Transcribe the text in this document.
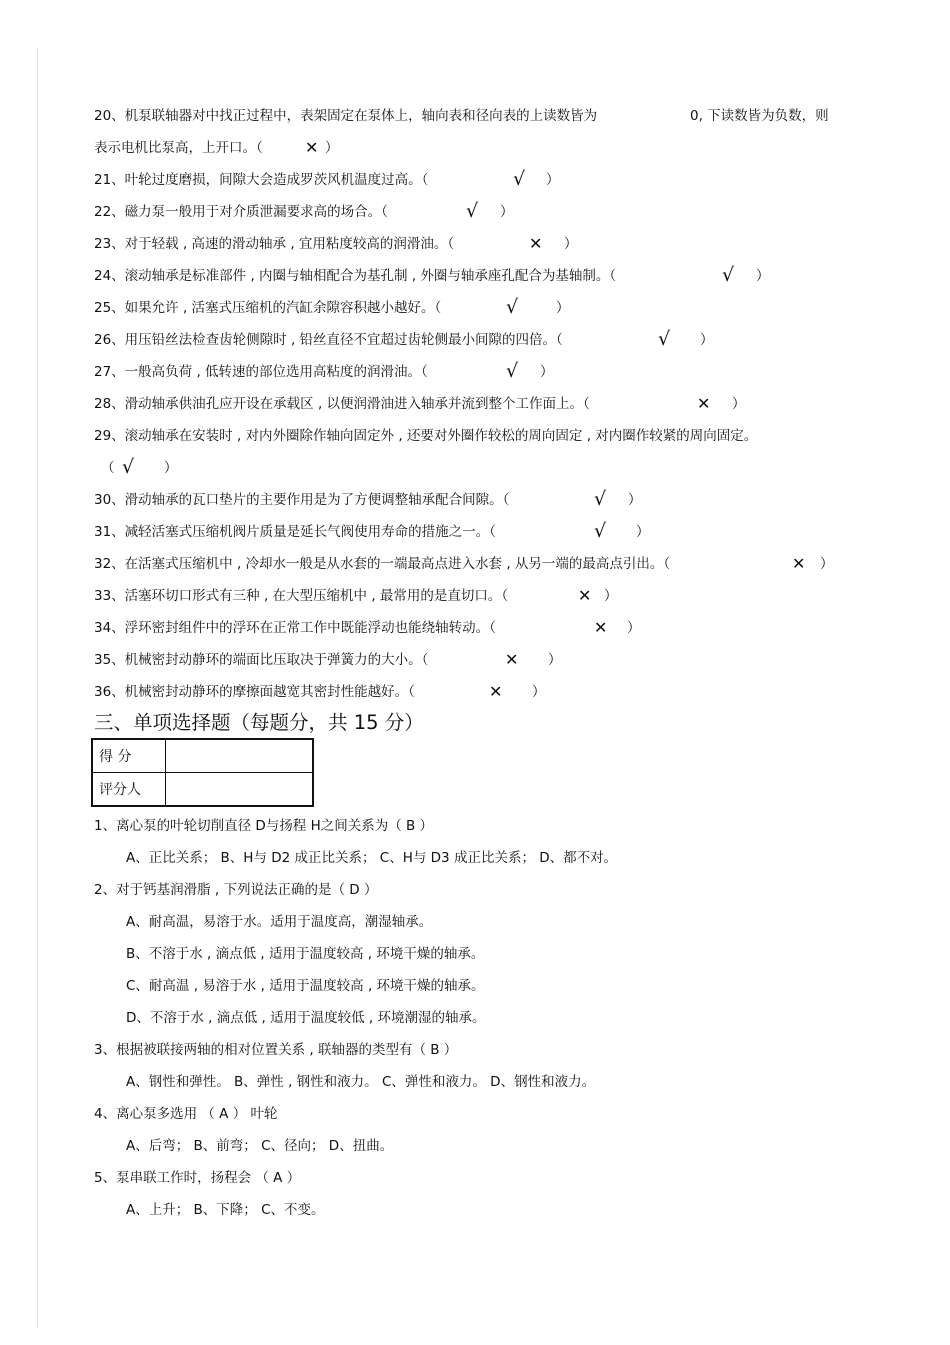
20、机泵联轴器对中找正过程中，表架固定在泵体上，轴向表和径向表的上读数皆为	0, 下读数皆为负数，则
表示电机比泵高，上开口。（	✕ ）
21、叶轮过度磨损，间隙大会造成罗茨风机温度过高。（	√ ）
22、磁力泵一般用于对介质泄漏要求高的场合。（	√ ）
23、对于轻载 , 高速的滑动轴承 , 宜用粘度较高的润滑油。（	✕ ）
24、滚动轴承是标准部件 , 内圈与轴相配合为基孔制 , 外圈与轴承座孔配合为基轴制。（	√ ）
25、如果允许 , 活塞式压缩机的汽缸余隙容积越小越好。（	√	）
26、用压铅丝法检查齿轮侧隙时 , 铅丝直径不宜超过齿轮侧最小间隙的四倍。（	√ ）
27、一般高负荷 , 低转速的部位选用高粘度的润滑油。（	√ ）
28、滑动轴承供油孔应开设在承载区 , 以便润滑油进入轴承并流到整个工作面上。（	✕ ）
29、滚动轴承在安装时 , 对内外圈除作轴向固定外 , 还要对外圈作较松的周向固定 , 对内圈作较紧的周向固定。
（ √ ）
30、滑动轴承的瓦口垫片的主要作用是为了方便调整轴承配合间隙。（	√ ）
31、减轻活塞式压缩机阀片质量是延长气阀使用寿命的措施之一。（	√ ）
32、在活塞式压缩机中 , 冷却水一般是从水套的一端最高点进入水套 , 从另一端的最高点引出。（	✕ ）
33、活塞环切口形式有三种 , 在大型压缩机中 , 最常用的是直切口。（	✕ ）
34、浮环密封组件中的浮环在正常工作中既能浮动也能绕轴转动。（	✕ ）
35、机械密封动静环的端面比压取决于弹簧力的大小。（	✕ ）
36、机械密封动静环的摩擦面越宽其密封性能越好。（	✕ ）
三、单项选择题（每题分，共 15 分）
得 分	
评分人	
1、离心泵的叶轮切削直径 D与扬程 H之间关系为（ B ）
A、正比关系； B、H与 D2 成正比关系； C、H与 D3 成正比关系； D、都不对。
2、对于钙基润滑脂 , 下列说法正确的是（ D ）
A、耐高温，易溶于水。适用于温度高，潮湿轴承。
B、不溶于水 , 滴点低 , 适用于温度较高 , 环境干燥的轴承。
C、耐高温 , 易溶于水 , 适用于温度较高 , 环境干燥的轴承。
D、不溶于水 , 滴点低 , 适用于温度较低 , 环境潮湿的轴承。
3、根据被联接两轴的相对位置关系 , 联轴器的类型有（ B ）
A、钢性和弹性。 B、弹性 , 钢性和液力。 C、弹性和液力。 D、钢性和液力。
4、离心泵多选用 （ A ） 叶轮
A、后弯； B、前弯； C、径向； D、扭曲。
5、泵串联工作时，扬程会 （ A ）
A、上升； B、下降； C、不变。
